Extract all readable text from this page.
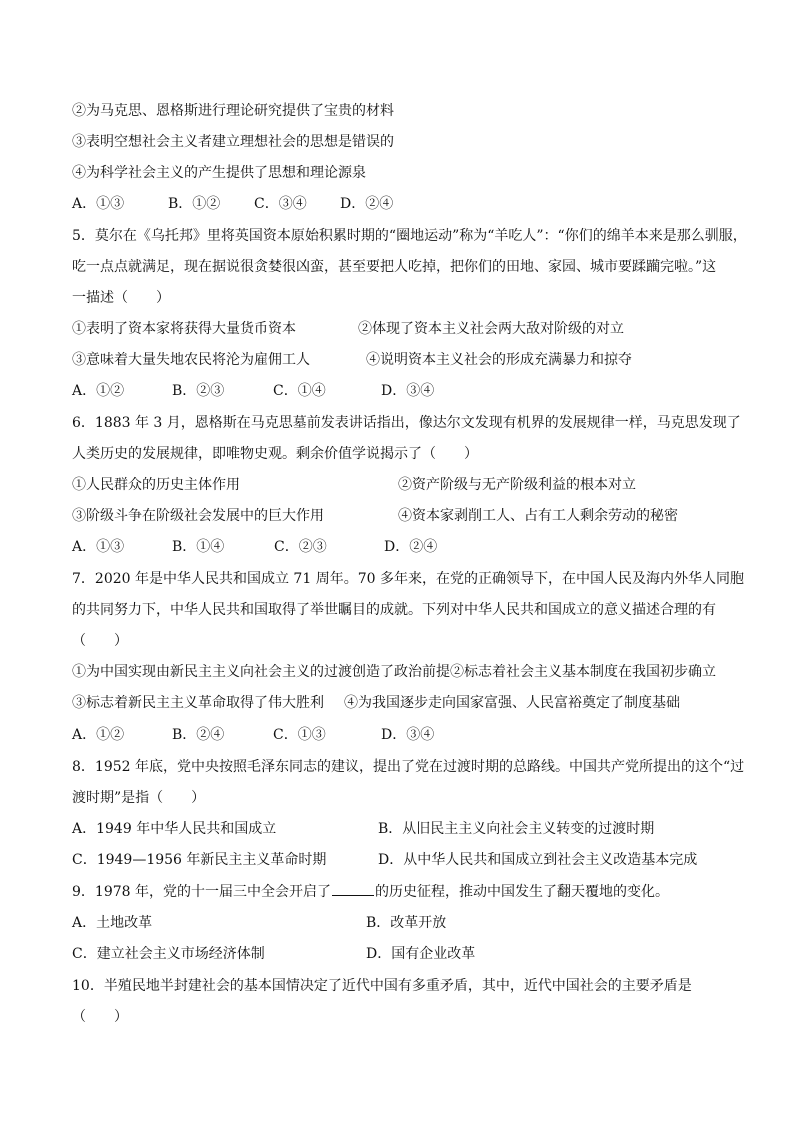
②为马克思、恩格斯进行理论研究提供了宝贵的材料
③表明空想社会主义者建立理想社会的思想是错误的
④为科学社会主义的产生提供了思想和理论源泉
A．①③	B．①② C．③④ D．②④
5．莫尔在《乌托邦》里将英国资本原始积累时期的“圈地运动”称为“羊吃人”：“你们的绵羊本来是那么驯服，
吃一点点就满足，现在据说很贪婪很凶蛮，甚至要把人吃掉，把你们的田地、家园、城市要蹂躏完啦。”这
一描述（　　）
①表明了资本家将获得大量货币资本	②体现了资本主义社会两大敌对阶级的对立
③意味着大量失地农民将沦为雇佣工人	④说明资本主义社会的形成充满暴力和掠夺
A．①②	B．②③	C．①④	D．③④
6．1883 年 3 月，恩格斯在马克思墓前发表讲话指出，像达尔文发现有机界的发展规律一样，马克思发现了
人类历史的发展规律，即唯物史观。剩余价值学说揭示了（　　）
①人民群众的历史主体作用	②资产阶级与无产阶级利益的根本对立
③阶级斗争在阶级社会发展中的巨大作用	④资本家剥削工人、占有工人剩余劳动的秘密
A．①③	B．①④	C．②③	D．②④
7．2020 年是中华人民共和国成立 71 周年。70 多年来，在党的正确领导下，在中国人民及海内外华人同胞
的共同努力下，中华人民共和国取得了举世瞩目的成就。下列对中华人民共和国成立的意义描述合理的有
（　　）
①为中国实现由新民主主义向社会主义的过渡创造了政治前提②标志着社会主义基本制度在我国初步确立
③标志着新民主主义革命取得了伟大胜利 ④为我国逐步走向国家富强、人民富裕奠定了制度基础
A．①②	B．②④	C．①③	D．③④
8．1952 年底，党中央按照毛泽东同志的建议，提出了党在过渡时期的总路线。中国共产党所提出的这个“过
渡时期”是指（　　）
A．1949 年中华人民共和国成立	B．从旧民主主义向社会主义转变的过渡时期
C．1949—1956 年新民主主义革命时期	D．从中华人民共和国成立到社会主义改造基本完成
9．1978 年，党的十一届三中全会开启了	的历史征程，推动中国发生了翻天覆地的变化。
A．土地改革	B．改革开放
C．建立社会主义市场经济体制	D．国有企业改革
10．半殖民地半封建社会的基本国情决定了近代中国有多重矛盾，其中，近代中国社会的主要矛盾是
（　　）
